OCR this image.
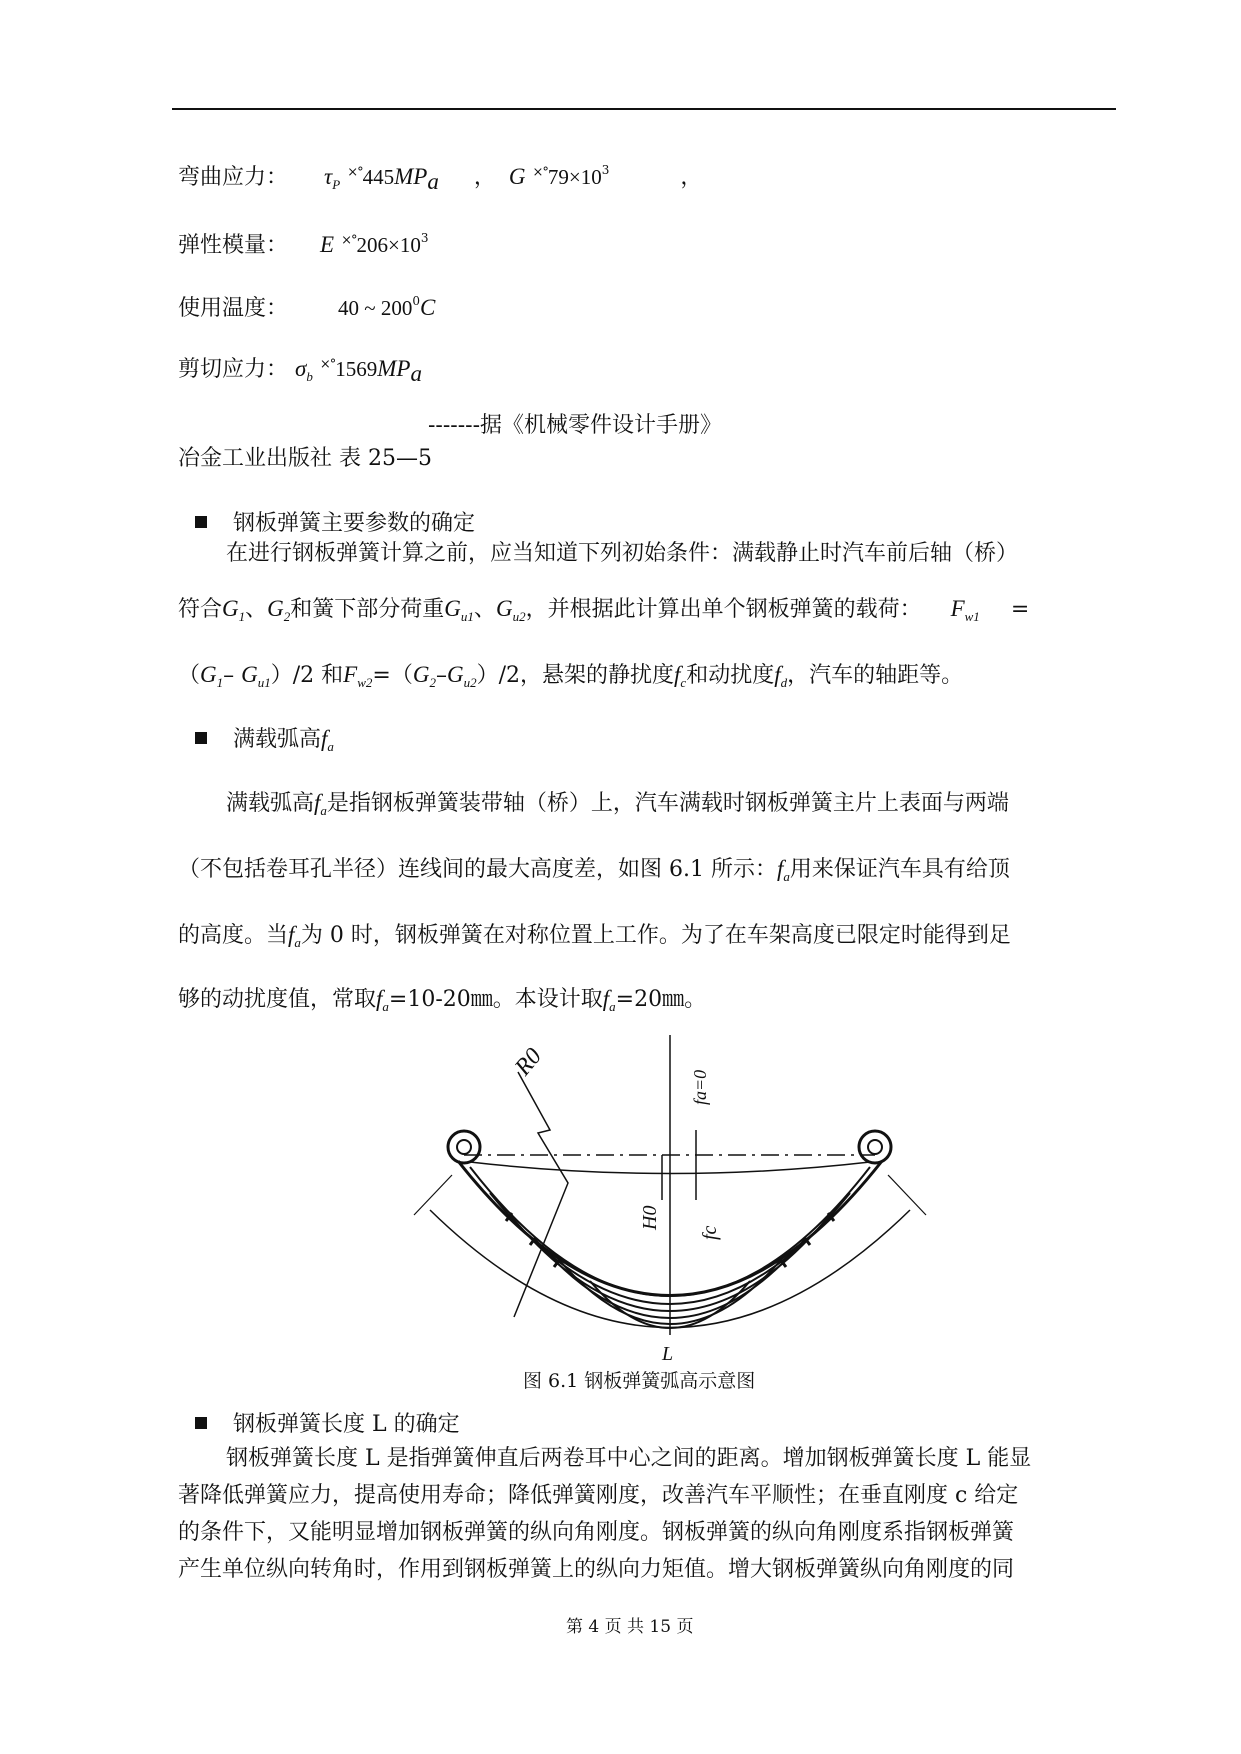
弯曲应力： $\tau_P$ $^{\times^\circ}445MP_a$ ， G $^{\times^\circ}79\times 10^3$	，
弹性模量： E $^{\times^\circ}206\times 10^3$
使用温度： 40 ~ $200^0C$
剪切应力： $\sigma_b$ $^{\times^\circ}1569MP_a$
-------据《机械零件设计手册》
冶金工业出版社 表 25—5
钢板弹簧主要参数的确定
在进行钢板弹簧计算之前，应当知道下列初始条件：满载静止时汽车前后轴（桥）
符合$G_1$、$G_2$和簧下部分荷重$G_{u1}$、$G_{u2}$，并根据此计算出单个钢板弹簧的载荷： $F_{w1}$ =
（$G_1-$ $G_{u1})/2$ 和$F_{w2}=(G_2-G_{u2})/2$，悬架的静扰度$f_c$和动扰度$f_d$，汽车的轴距等。
满载弧高$f_a$
满载弧高$f_a$是指钢板弹簧装带轴（桥）上，汽车满载时钢板弹簧主片上表面与两端
（不包括卷耳孔半径）连线间的最大高度差，如图 6.1 所示：$f_a$用来保证汽车具有给顶
的高度。当$f_a$为 0 时，钢板弹簧在对称位置上工作。为了在车架高度已限定时能得到足
够的动扰度值，常取$f_a=10-20㎜$。本设计取$f_a=20㎜$。
R0
H0
fc
fa=0
L
图 6.1 钢板弹簧弧高示意图
钢板弹簧长度 L 的确定
钢板弹簧长度 L 是指弹簧伸直后两卷耳中心之间的距离。增加钢板弹簧长度 L 能显
著降低弹簧应力，提高使用寿命；降低弹簧刚度，改善汽车平顺性；在垂直刚度 c 给定
的条件下，又能明显增加钢板弹簧的纵向角刚度。钢板弹簧的纵向角刚度系指钢板弹簧
产生单位纵向转角时，作用到钢板弹簧上的纵向力矩值。增大钢板弹簧纵向角刚度的同
第 4 页 共 15 页
